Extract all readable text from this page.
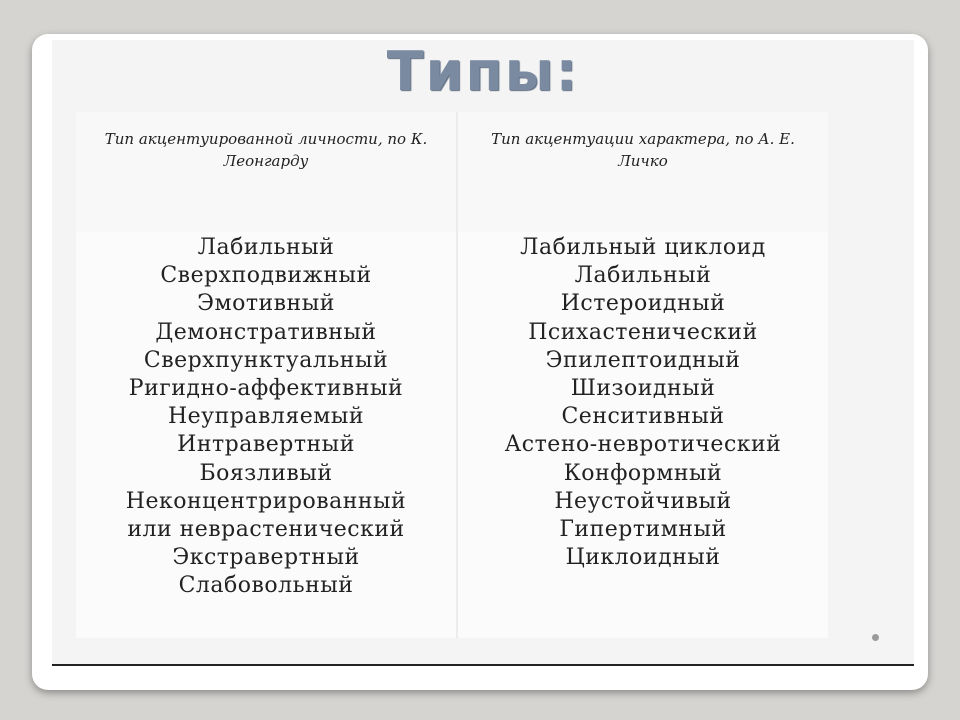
Типы:
Тип акцентуированной личности, по К. Леонгарду
Тип акцентуации характера, по А. Е. Личко
Лабильный
Сверхподвижный
Эмотивный
Демонстративный
Сверхпунктуальный
Ригидно-аффективный
Неуправляемый
Интравертный
Боязливый
Неконцентрированный
или неврастенический
Экстравертный
Слабовольный
Лабильный циклоид
Лабильный
Истероидный
Психастенический
Эпилептоидный
Шизоидный
Сенситивный
Астено-невротический
Конформный
Неустойчивый
Гипертимный
Циклоидный
